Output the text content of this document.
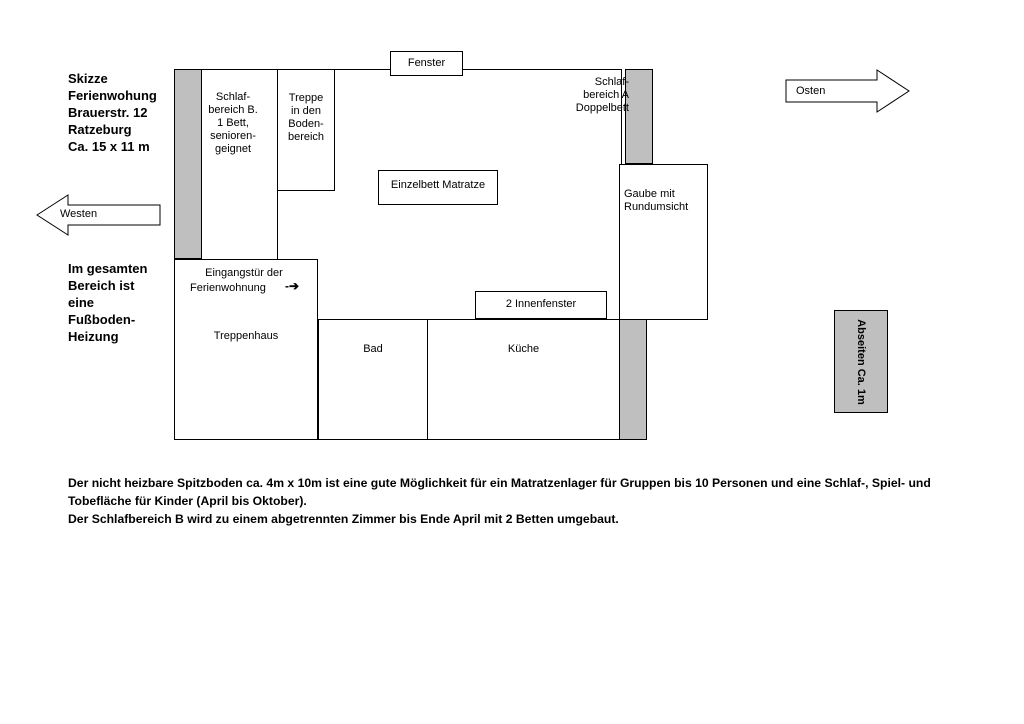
Skizze
Ferienwohung
Brauerstr. 12
Ratzeburg
Ca. 15 x 11 m
Im gesamten
Bereich ist
eine
Fußboden-
Heizung
Westen
Osten
Fenster
Schlaf-
bereich B.
1 Bett,
senioren-
geignet
Treppe
in den
Boden-
bereich
Schlaf-
bereich A
Doppelbett
Einzelbett Matratze
Gaube mit
Rundumsicht
Eingangstür der
Ferienwohnung	-➔
Treppenhaus
2 Innenfenster
Bad	Küche	Abseiten Ca. 1m
Der nicht heizbare Spitzboden ca. 4m x 10m ist eine gute Möglichkeit für ein Matratzenlager für Gruppen bis 10 Personen und eine Schlaf-, Spiel- und
Tobefläche für Kinder (April bis Oktober).
Der Schlafbereich B wird zu einem abgetrennten Zimmer bis Ende April mit 2 Betten umgebaut.
